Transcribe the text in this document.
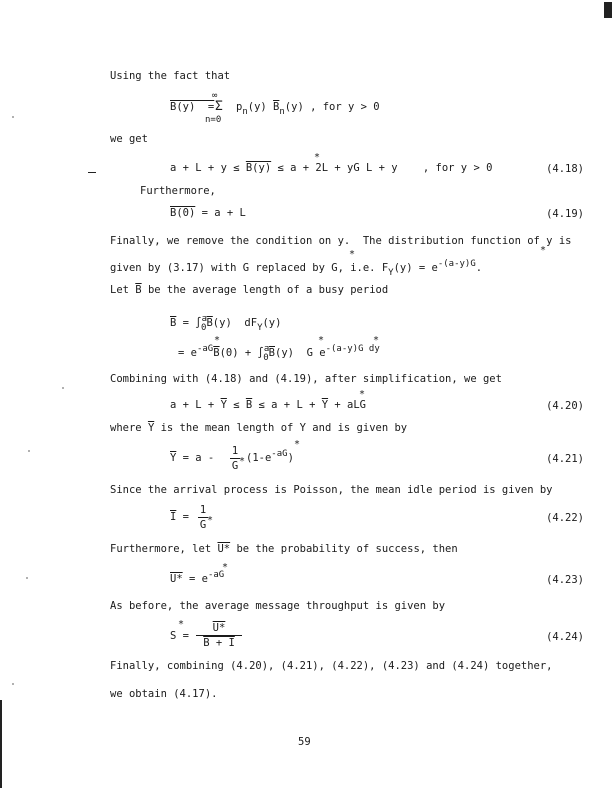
Using the fact that
∞
B(y)  = Σ pn(y) $\overline{B}n(y)$ , for y > 0
n=0
we get
*
a + L + y ≤ B(y) ≤ a + 2L + yG L + y    , for y > 0	(4.18)
Furthermore,
B(0) = a + L	(4.19)
Finally, we remove the condition on y.  The distribution function of y is
*	*
given by (3.17) with G replaced by G, i.e. FY(y) = e-(a-y)G.
Let $\overline{B}$ be the average length of a busy period
$\overline{B} = \int a0\overline{B}(y)$  dFY(y)
*	*	*
= $e-aG\overline{B}(0) + \int a0\overline{B}(y)$  G e-(a-y)G dy
Combining with (4.18) and (4.19), after simplification, we get
*
$a + L + \overline{Y} \le \overline{B} \le a + L + \overline{Y}$ + aLG	(4.20)
where $\overline{Y}$ is the mean length of Y and is given by
*
$\overline{Y} = a - \frac{1}{G} * (1-e-aG)$	(4.21)
Since the arrival process is Poisson, the mean idle period is given by
$\overline{I} = \frac{1}{G}$ *	(4.22)
Furthermore, let U* be the probability of success, then
*
U* = e-aG	(4.23)
As before, the average message throughput is given by
*
$S = \frac{U*}{B + I}$	(4.24)
Finally, combining (4.20), (4.21), (4.22), (4.23) and (4.24) together,
we obtain (4.17).
59
